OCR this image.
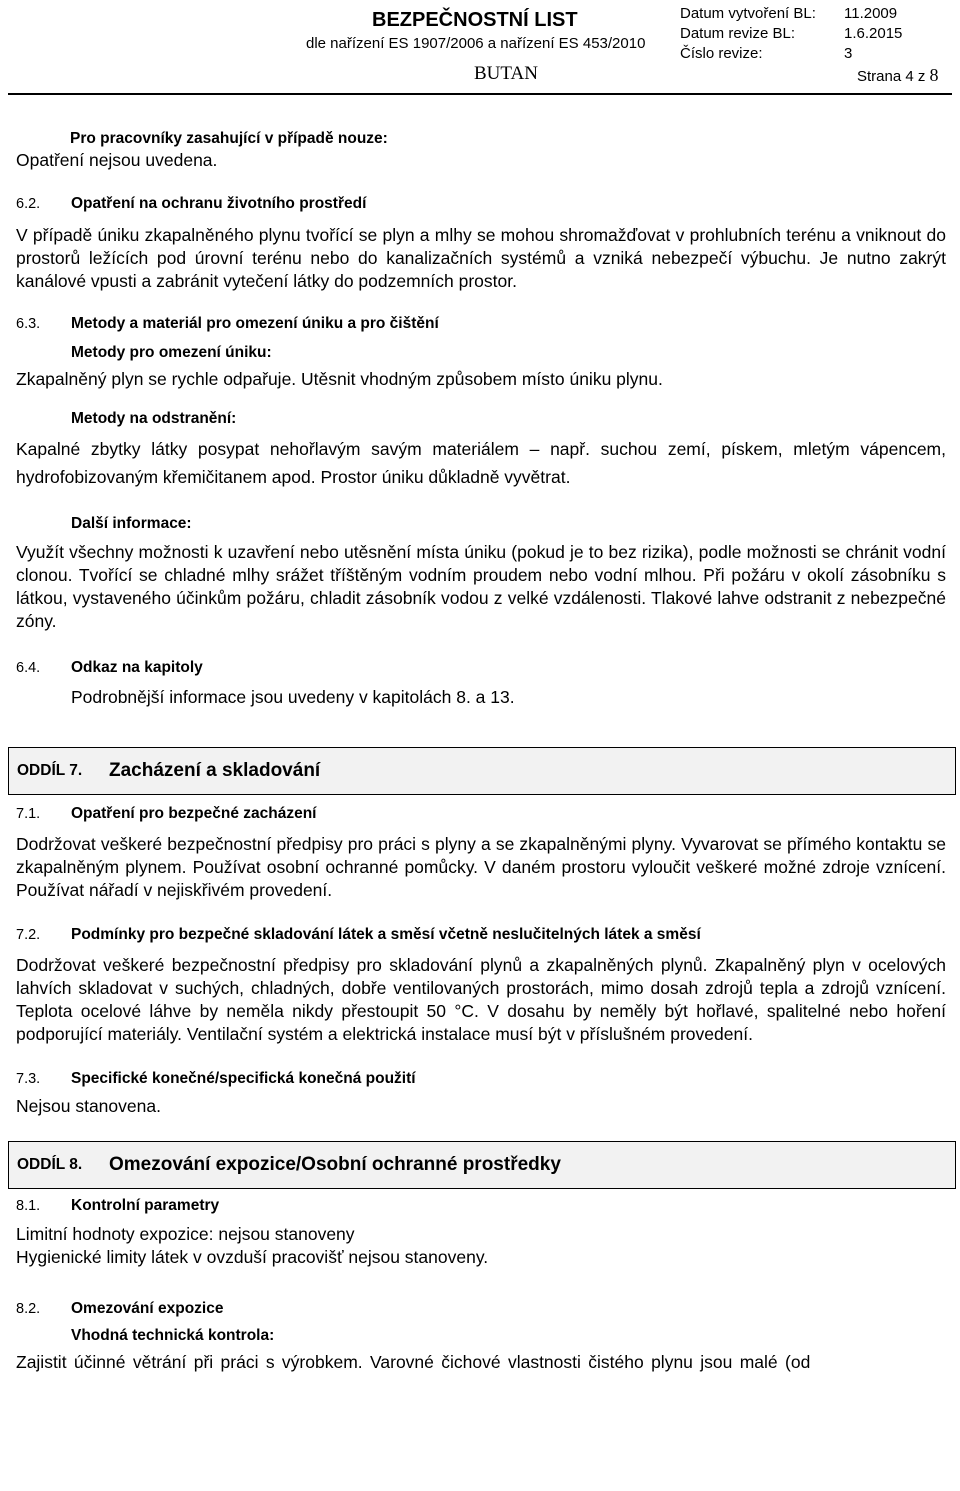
BEZPEČNOSTNÍ LIST
dle nařízení ES 1907/2006 a nařízení ES 453/2010
BUTAN
Datum vytvoření BL:	11.2009
Datum revize BL:	1.6.2015
Číslo revize:	3
Strana 4 z 8
Pro pracovníky zasahující v případě nouze:
Opatření nejsou uvedena.
6.2.	Opatření na ochranu životního prostředí
V případě úniku zkapalněného plynu tvořící se plyn a mlhy se mohou shromažďovat v prohlubních terénu a vniknout do prostorů ležících pod úrovní terénu nebo do kanalizačních systémů a vzniká nebezpečí výbuchu. Je nutno zakrýt kanálové vpusti a zabránit vytečení látky do podzemních prostor.
6.3.	Metody a materiál pro omezení úniku a pro čištění
Metody pro omezení úniku:
Zkapalněný plyn se rychle odpařuje. Utěsnit vhodným způsobem místo úniku plynu.
Metody na odstranění:
Kapalné zbytky látky posypat nehořlavým savým materiálem – např. suchou zemí, pískem, mletým vápencem, hydrofobizovaným křemičitanem apod. Prostor úniku důkladně vyvětrat.
Další informace:
Využít všechny možnosti k uzavření nebo utěsnění místa úniku (pokud je to bez rizika), podle možnosti se chránit vodní clonou. Tvořící se chladné mlhy srážet tříštěným vodním proudem nebo vodní mlhou. Při požáru v okolí zásobníku s látkou, vystaveného účinkům požáru, chladit zásobník vodou z velké vzdálenosti. Tlakové lahve odstranit z nebezpečné zóny.
6.4.	Odkaz na kapitoly
Podrobnější informace jsou uvedeny v kapitolách 8. a 13.
ODDÍL 7.	Zacházení a skladování
7.1.	Opatření pro bezpečné zacházení
Dodržovat veškeré bezpečnostní předpisy pro práci s plyny a se zkapalněnými plyny. Vyvarovat se přímého kontaktu se zkapalněným plynem. Používat osobní ochranné pomůcky. V daném prostoru vyloučit veškeré možné zdroje vznícení. Používat nářadí v nejiskřivém provedení.
7.2.	Podmínky pro bezpečné skladování látek a směsí včetně neslučitelných látek a směsí
Dodržovat veškeré bezpečnostní předpisy pro skladování plynů a zkapalněných plynů. Zkapalněný plyn v ocelových lahvích skladovat v suchých, chladných, dobře ventilovaných prostorách, mimo dosah zdrojů tepla a zdrojů vznícení. Teplota ocelové láhve by neměla nikdy přestoupit 50 °C. V dosahu by neměly být hořlavé, spalitelné nebo hoření podporující materiály. Ventilační systém a elektrická instalace musí být v příslušném provedení.
7.3.	Specifické konečné/specifická konečná použití
Nejsou stanovena.
ODDÍL 8.	Omezování expozice/Osobní ochranné prostředky
8.1.	Kontrolní parametry
Limitní hodnoty expozice: nejsou stanoveny
Hygienické limity látek v ovzduší pracovišť nejsou stanoveny.
8.2.	Omezování expozice
Vhodná technická kontrola:
Zajistit účinné větrání při práci s výrobkem. Varovné čichové vlastnosti čistého plynu jsou malé (od
